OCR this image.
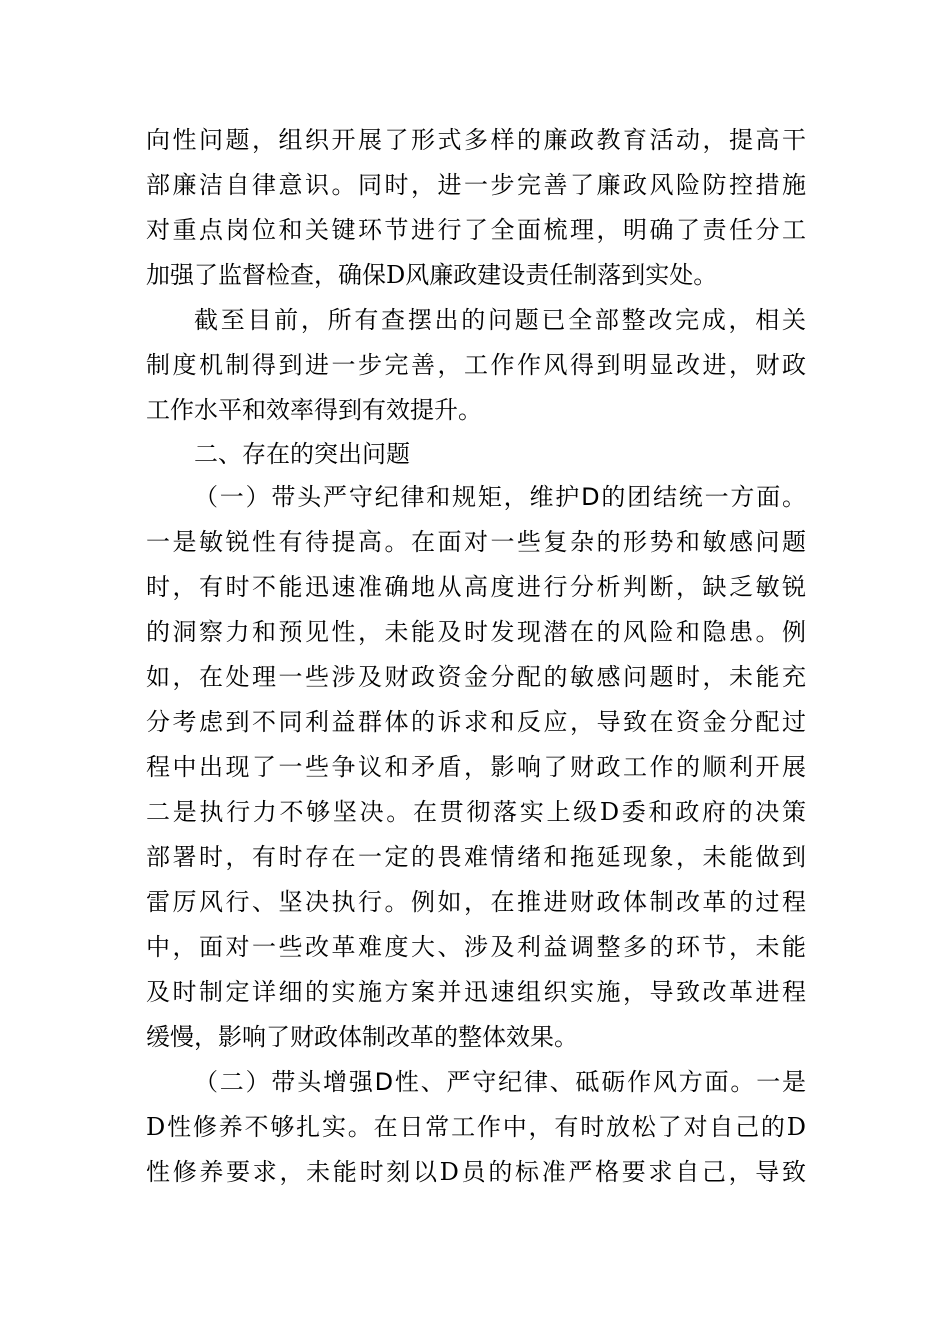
向性问题，组织开展了形式多样的廉政教育活动，提高干
部廉洁自律意识。同时，进一步完善了廉政风险防控措施
对重点岗位和关键环节进行了全面梳理，明确了责任分工
加强了监督检查，确保D风廉政建设责任制落到实处。
截至目前，所有查摆出的问题已全部整改完成，相关
制度机制得到进一步完善，工作作风得到明显改进，财政
工作水平和效率得到有效提升。
二、存在的突出问题
（一）带头严守纪律和规矩，维护D的团结统一方面。
一是敏锐性有待提高。在面对一些复杂的形势和敏感问题
时，有时不能迅速准确地从高度进行分析判断，缺乏敏锐
的洞察力和预见性，未能及时发现潜在的风险和隐患。例
如，在处理一些涉及财政资金分配的敏感问题时，未能充
分考虑到不同利益群体的诉求和反应，导致在资金分配过
程中出现了一些争议和矛盾，影响了财政工作的顺利开展
二是执行力不够坚决。在贯彻落实上级D委和政府的决策
部署时，有时存在一定的畏难情绪和拖延现象，未能做到
雷厉风行、坚决执行。例如，在推进财政体制改革的过程
中，面对一些改革难度大、涉及利益调整多的环节，未能
及时制定详细的实施方案并迅速组织实施，导致改革进程
缓慢，影响了财政体制改革的整体效果。
（二）带头增强D性、严守纪律、砥砺作风方面。一是
D性修养不够扎实。在日常工作中，有时放松了对自己的D
性修养要求，未能时刻以D员的标准严格要求自己，导致
